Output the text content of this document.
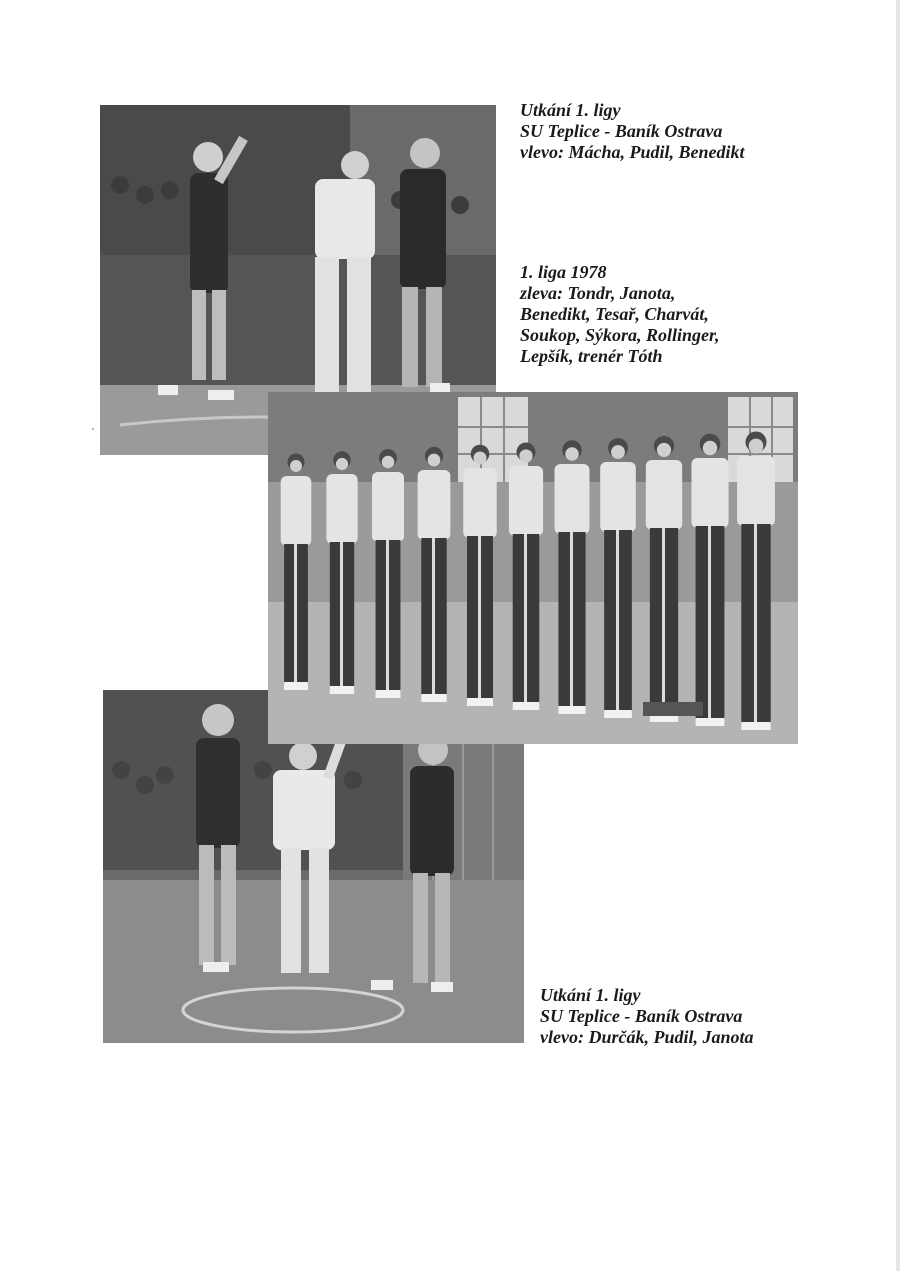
Utkání 1. ligy
SU Teplice - Baník Ostrava
vlevo: Mácha, Pudil, Benedikt
1. liga 1978
zleva: Tondr, Janota,
Benedikt, Tesař, Charvát,
Soukop, Sýkora, Rollinger,
Lepšík, trenér Tóth
Utkání 1. ligy
SU Teplice - Baník Ostrava
vlevo: Durčák, Pudil, Janota
